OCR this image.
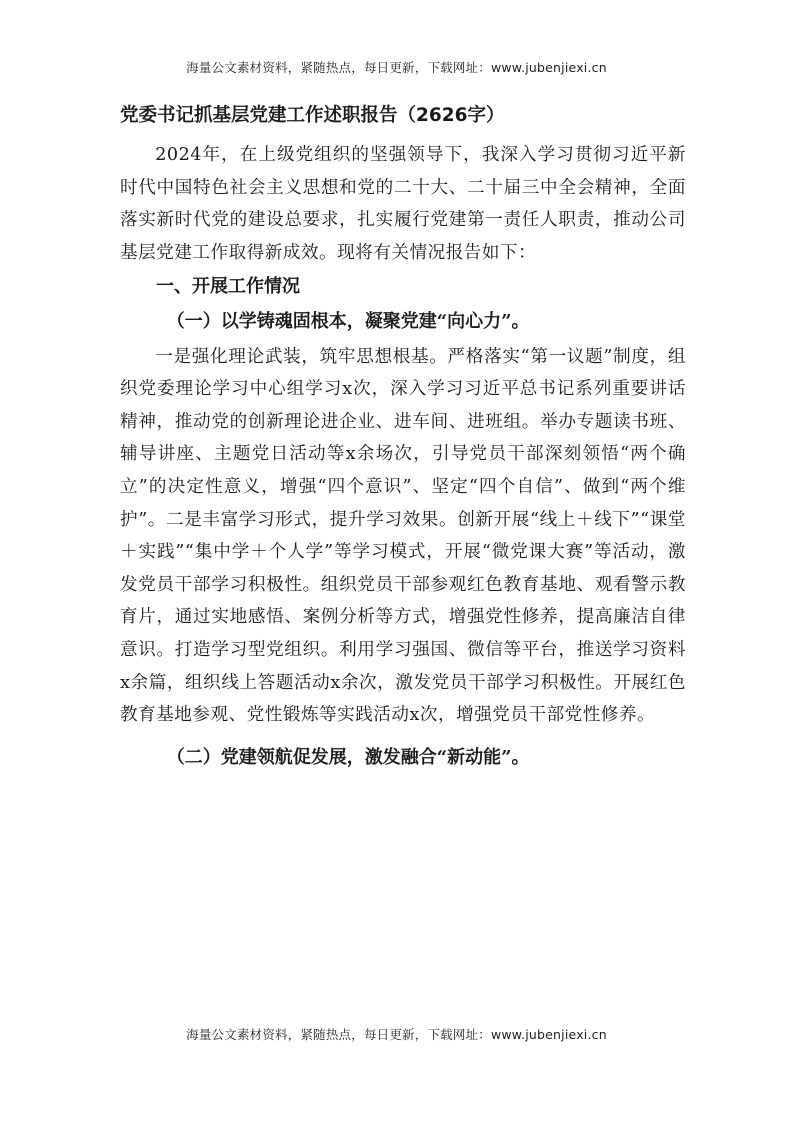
海量公文素材资料，紧随热点，每日更新，下载网址：www.jubenjiexi.cn
党委书记抓基层党建工作述职报告（2626字）

2024年，在上级党组织的坚强领导下，我深入学习贯彻习近平新时代中国特色社会主义思想和党的二十大、二十届三中全会精神，全面落实新时代党的建设总要求，扎实履行党建第一责任人职责，推动公司基层党建工作取得新成效。现将有关情况报告如下：

一、开展工作情况
（一）以学铸魂固根本，凝聚党建“向心力”。

一是强化理论武装，筑牢思想根基。严格落实“第一议题”制度，组织党委理论学习中心组学习x次，深入学习习近平总书记系列重要讲话精神，推动党的创新理论进企业、进车间、进班组。举办专题读书班、辅导讲座、主题党日活动等x余场次，引导党员干部深刻领悟“两个确立”的决定性意义，增强“四个意识”、坚定“四个自信”、做到“两个维护”。二是丰富学习形式，提升学习效果。创新开展“线上＋线下”“课堂＋实践”“集中学＋个人学”等学习模式，开展“微党课大赛”等活动，激发党员干部学习积极性。组织党员干部参观红色教育基地、观看警示教育片，通过实地感悟、案例分析等方式，增强党性修养，提高廉洁自律意识。打造学习型党组织。利用学习强国、微信等平台，推送学习资料x余篇，组织线上答题活动x余次，激发党员干部学习积极性。开展红色教育基地参观、党性锻炼等实践活动x次，增强党员干部党性修养。

（二）党建领航促发展，激发融合“新动能”。
海量公文素材资料，紧随热点，每日更新，下载网址：www.jubenjiexi.cn
